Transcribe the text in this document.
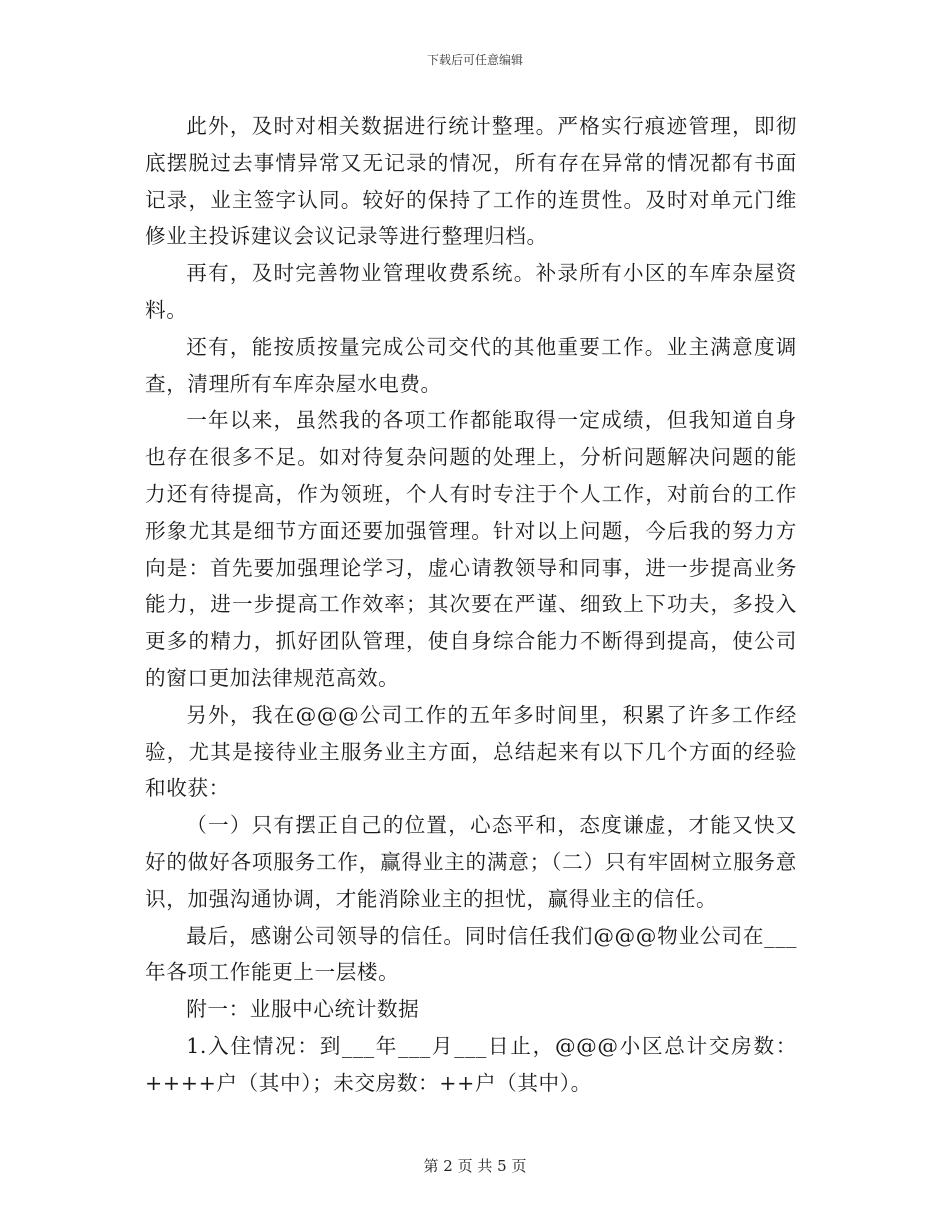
下载后可任意编辑

此外，及时对相关数据进行统计整理。严格实行痕迹管理，即彻底摆脱过去事情异常又无记录的情况，所有存在异常的情况都有书面记录，业主签字认同。较好的保持了工作的连贯性。及时对单元门维修业主投诉建议会议记录等进行整理归档。

再有，及时完善物业管理收费系统。补录所有小区的车库杂屋资料。

还有，能按质按量完成公司交代的其他重要工作。业主满意度调查，清理所有车库杂屋水电费。

一年以来，虽然我的各项工作都能取得一定成绩，但我知道自身也存在很多不足。如对待复杂问题的处理上，分析问题解决问题的能力还有待提高，作为领班，个人有时专注于个人工作，对前台的工作形象尤其是细节方面还要加强管理。针对以上问题，今后我的努力方向是：首先要加强理论学习，虚心请教领导和同事，进一步提高业务能力，进一步提高工作效率；其次要在严谨、细致上下功夫，多投入更多的精力，抓好团队管理，使自身综合能力不断得到提高，使公司的窗口更加法律规范高效。

另外，我在@@@公司工作的五年多时间里，积累了许多工作经验，尤其是接待业主服务业主方面，总结起来有以下几个方面的经验和收获：

（一）只有摆正自己的位置，心态平和，态度谦虚，才能又快又好的做好各项服务工作，赢得业主的满意；（二）只有牢固树立服务意识，加强沟通协调，才能消除业主的担忧，赢得业主的信任。

最后，感谢公司领导的信任。同时信任我们@@@物业公司在___年各项工作能更上一层楼。

附一：业服中心统计数据

1.入住情况：到___年___月___日止，@@@小区总计交房数：++++户（其中）；未交房数：++户（其中）。

第 2 页 共 5 页
